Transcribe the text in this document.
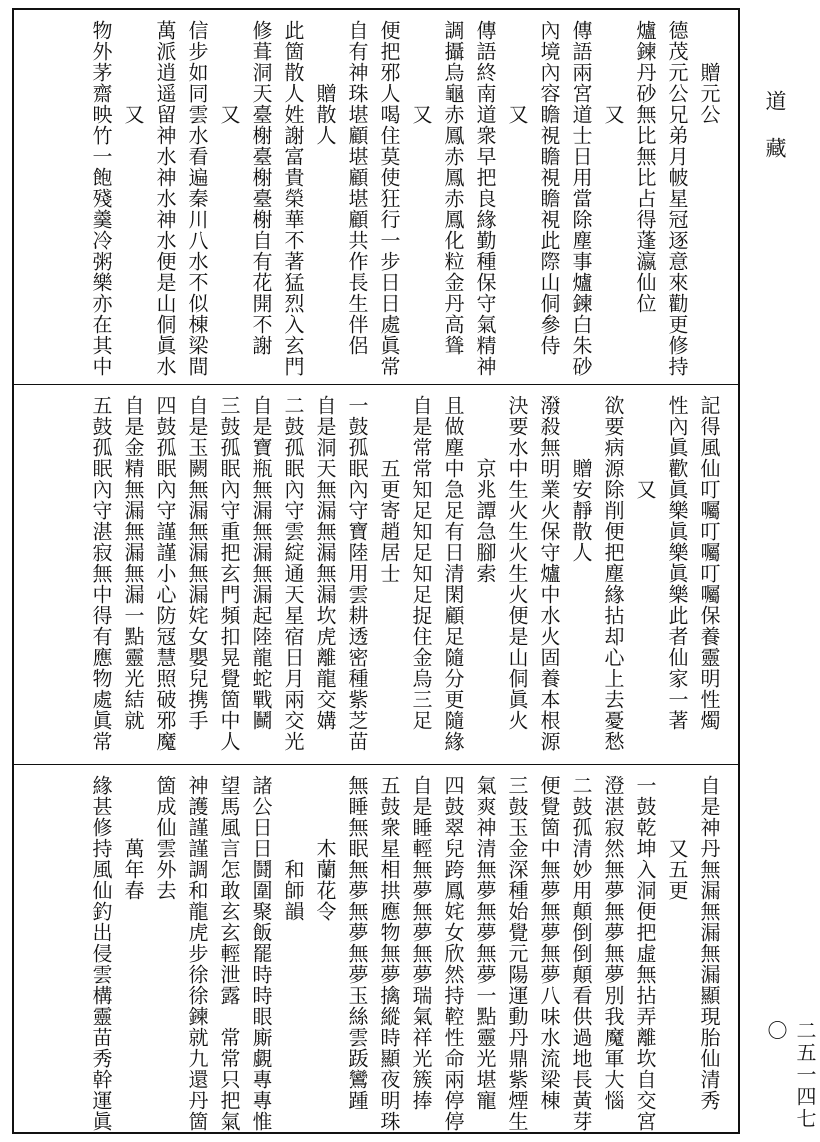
　　贈元公
德茂元公兄弟月帔星冠逐意來勸更修持
爐鍊丹砂無比無比占得蓬瀛仙位
　　　　又
傳語兩宮道士日用當除塵事爐鍊白朱砂
內境內容瞻視瞻視瞻視此際山侗參侍
　　　　又
傳語終南道衆早把良緣勤種保守氣精神
調攝烏龜赤鳳赤鳳赤鳳化粒金丹高聳
　　　　又
便把邪人喝住莫使狂行一步日日處眞常
自有神珠堪顧堪顧堪顧共作長生伴侶
　　　贈散人
此箇散人姓謝富貴榮華不著猛烈入玄門
修葺洞天臺榭臺榭臺榭自有花開不謝
　　　　又
信步如同雲水看遍秦川八水不似棟梁間
萬派逍遥留神水神水神水便是山侗眞水
　　　　又
物外茅齋映竹一飽殘羹冷粥樂亦在其中
記得風仙叮囑叮囑叮囑保養靈明性燭
性內眞歡眞樂眞樂眞樂此者仙家一著
　　　　又
欲要病源除削便把塵緣拈却心上去憂愁
　　　贈安靜散人
潑殺無明業火保守爐中水火固養本根源
決要水中生火生火生火便是山侗眞火
　　　京兆譚急腳索
且做塵中急足有日清閑顧足隨分更隨緣
自是常常知足知足知足捉住金烏三足
　　　五更寄趙居士
一鼓孤眠內守寶陸用雲耕透密種紫芝苗
自是洞天無漏無漏無漏坎虎離龍交媾
二鼓孤眠內守雲綻通天星宿日月兩交光
自是寶瓶無漏無漏無漏起陸龍蛇戰鬭
三鼓孤眠內守重把玄門頻扣晃覺箇中人
自是玉闕無漏無漏無漏姹女嬰兒携手
四鼓孤眠內守謹謹小心防冦慧照破邪魔
自是金精無漏無漏無漏一點靈光結就
五鼓孤眠內守湛寂無中得有應物處眞常
自是神丹無漏無漏無漏顯現胎仙清秀
　　　又五更
一鼓乾坤入洞便把虛無拈弄離坎自交宮
澄湛寂然無夢無夢無夢別我魔軍大惱
二鼓孤清妙用顛倒倒顛看供過地長黃芽
便覺箇中無夢無夢無夢八味水流梁棟
三鼓玉金深種始覺元陽運動丹鼎紫煙生
氣爽神清無夢無夢無夢一點靈光堪寵
四鼓翠兒跨鳳姹女欣然持鞚性命兩停停
自是睡輕無夢無夢無夢瑞氣祥光簇捧
五鼓衆星相拱應物無夢擒縱時顯夜明珠
無睡無眠無夢無夢無夢玉絲雲䟦鸞踵
　　　木蘭花令
　　　　和師韻
諸公日日鬪圍聚飯罷時時眼廝覷專專惟
望馬風言怎敢玄玄輕泄露　常常只把氣
神護謹謹調和龍虎步徐徐鍊就九還丹箇
箇成仙雲外去
　　　萬年春
緣甚修持風仙釣出侵雲構靈苗秀幹運眞
道藏
二五一四七〇
